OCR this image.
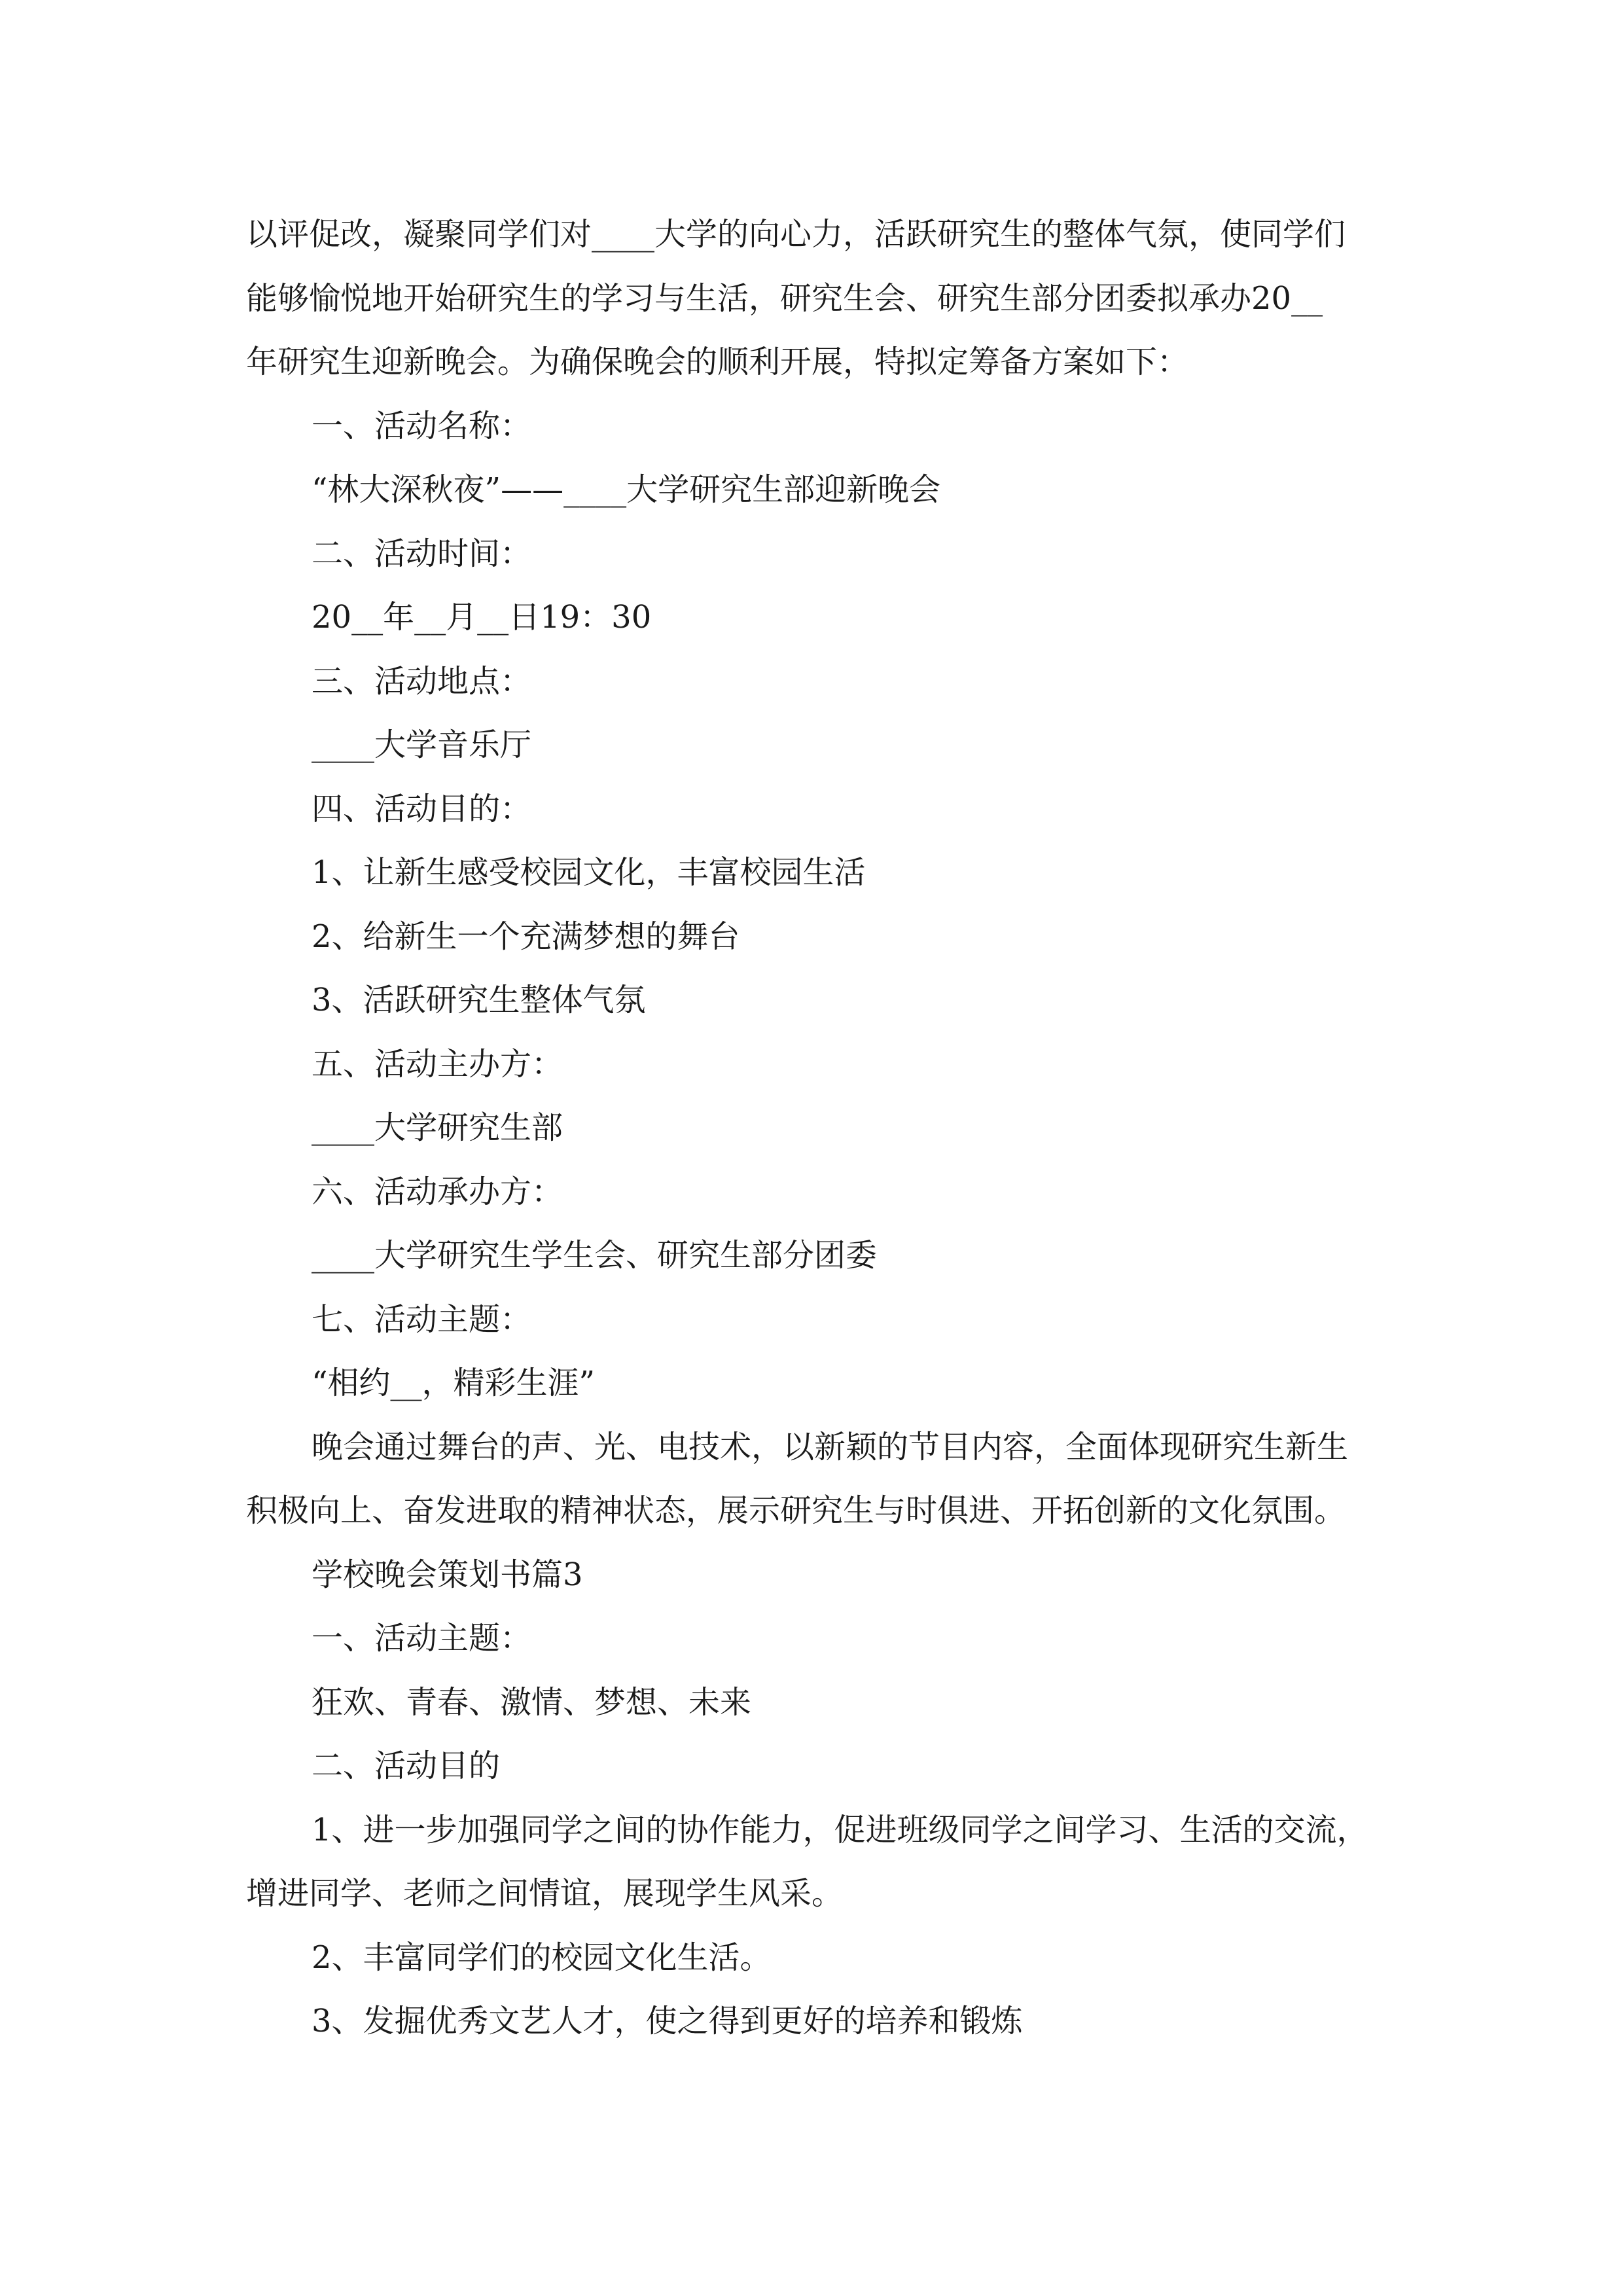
以评促改，凝聚同学们对____大学的向心力，活跃研究生的整体气氛，使同学们

能够愉悦地开始研究生的学习与生活，研究生会、研究生部分团委拟承办20__

年研究生迎新晚会。为确保晚会的顺利开展，特拟定筹备方案如下：

一、活动名称：

“林大深秋夜”——____大学研究生部迎新晚会

二、活动时间：

20__年__月__日19：30

三、活动地点：

____大学音乐厅

四、活动目的：

1、让新生感受校园文化，丰富校园生活

2、给新生一个充满梦想的舞台

3、活跃研究生整体气氛

五、活动主办方：

____大学研究生部

六、活动承办方：

____大学研究生学生会、研究生部分团委

七、活动主题：

“相约__，精彩生涯”

晚会通过舞台的声、光、电技术，以新颖的节目内容，全面体现研究生新生

积极向上、奋发进取的精神状态，展示研究生与时俱进、开拓创新的文化氛围。

学校晚会策划书篇3

一、活动主题：

狂欢、青春、激情、梦想、未来

二、活动目的

1、进一步加强同学之间的协作能力，促进班级同学之间学习、生活的交流，

增进同学、老师之间情谊，展现学生风采。

2、丰富同学们的校园文化生活。

3、发掘优秀文艺人才，使之得到更好的培养和锻炼
